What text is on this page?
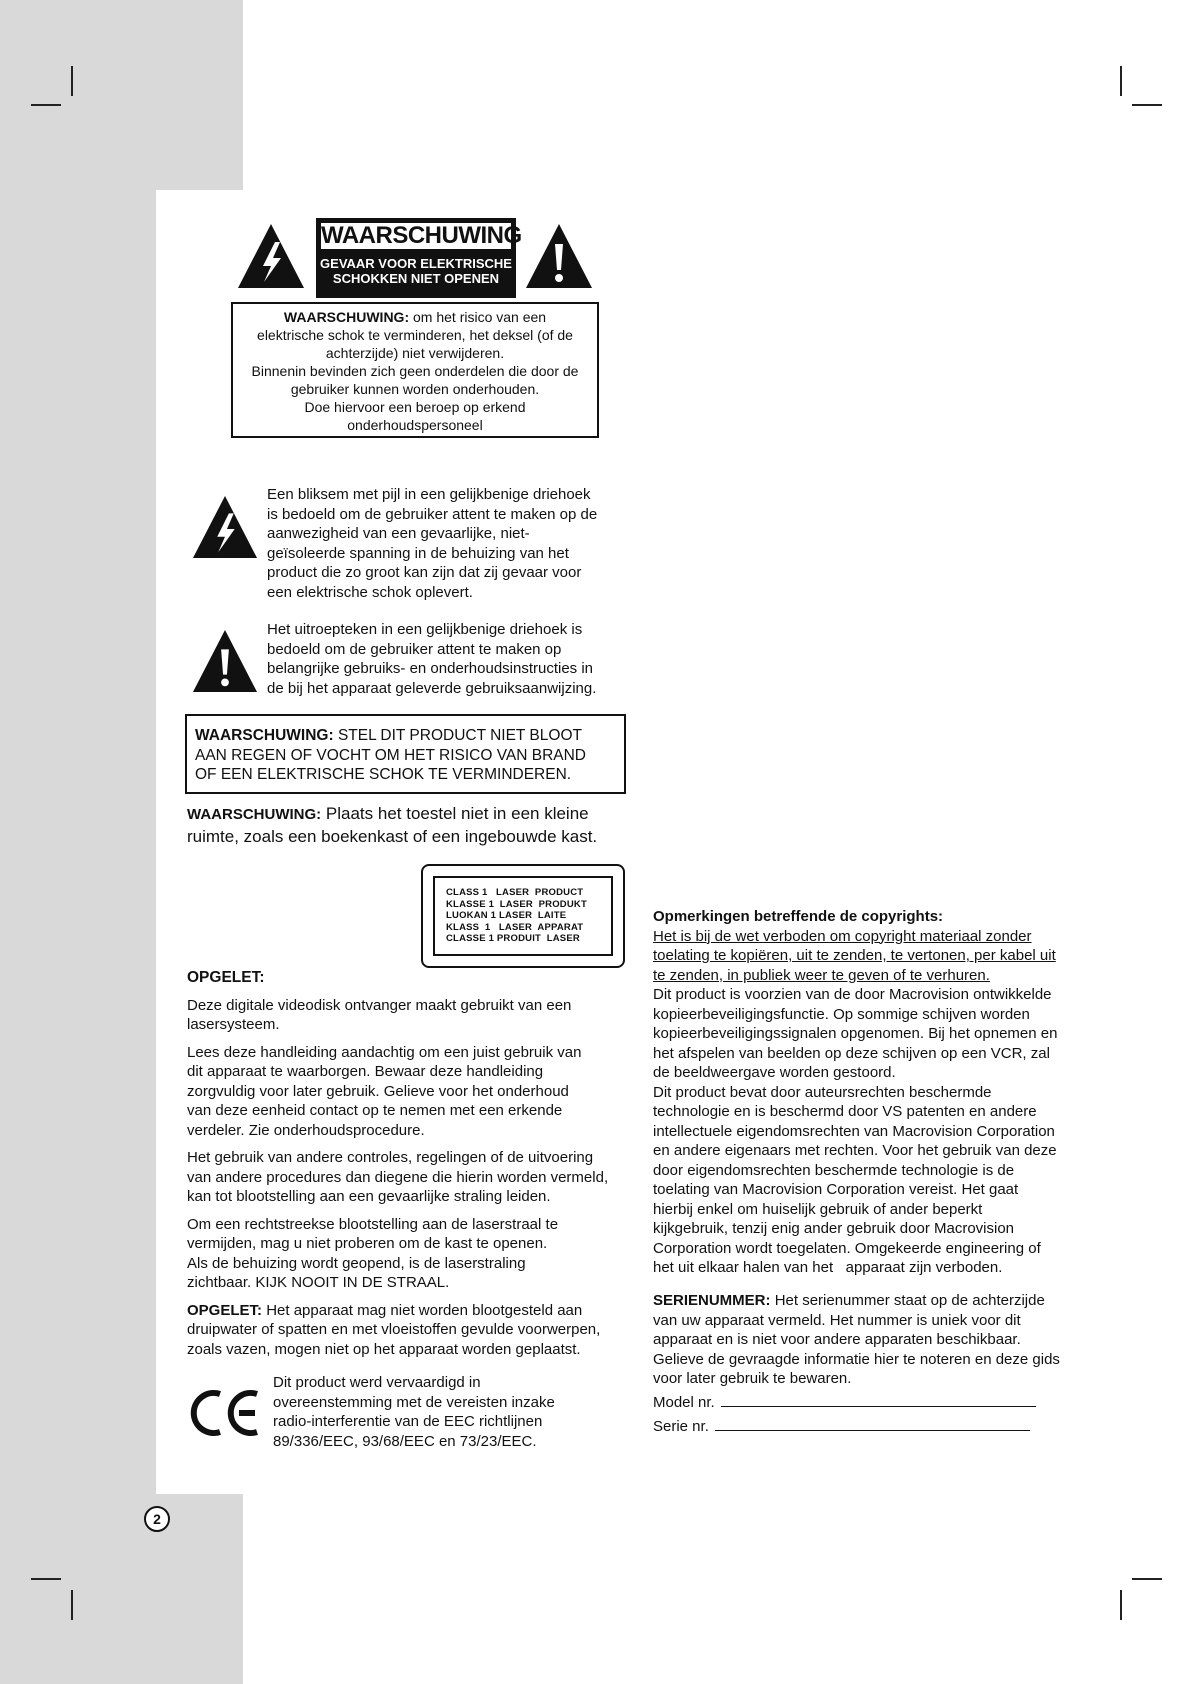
WAARSCHUWING
GEVAAR VOOR ELEKTRISCHE
SCHOKKEN NIET OPENEN
WAARSCHUWING: om het risico van een
elektrische schok te verminderen, het deksel (of de
achterzijde) niet verwijderen.
Binnenin bevinden zich geen onderdelen die door de
gebruiker kunnen worden onderhouden.
Doe hiervoor een beroep op erkend
onderhoudspersoneel
Een bliksem met pijl in een gelijkbenige driehoek
is bedoeld om de gebruiker attent te maken op de
aanwezigheid van een gevaarlijke, niet-
geïsoleerde spanning in de behuizing van het
product die zo groot kan zijn dat zij gevaar voor
een elektrische schok oplevert.
Het uitroepteken in een gelijkbenige driehoek is
bedoeld om de gebruiker attent te maken op
belangrijke gebruiks- en onderhoudsinstructies in
de bij het apparaat geleverde gebruiksaanwijzing.
WAARSCHUWING: STEL DIT PRODUCT NIET BLOOT
AAN REGEN OF VOCHT OM HET RISICO VAN BRAND
OF EEN ELEKTRISCHE SCHOK TE VERMINDEREN.
WAARSCHUWING: Plaats het toestel niet in een kleine
ruimte, zoals een boekenkast of een ingebouwde kast.
CLASS 1   LASER  PRODUCT
KLASSE 1  LASER  PRODUKT
LUOKAN 1 LASER  LAITE
KLASS  1   LASER  APPARAT
CLASSE 1 PRODUIT  LASER
OPGELET:
Deze digitale videodisk ontvanger maakt gebruikt van een
lasersysteem.
Lees deze handleiding aandachtig om een juist gebruik van
dit apparaat te waarborgen. Bewaar deze handleiding
zorgvuldig voor later gebruik. Gelieve voor het onderhoud
van deze eenheid contact op te nemen met een erkende
verdeler. Zie onderhoudsprocedure.
Het gebruik van andere controles, regelingen of de uitvoering
van andere procedures dan diegene die hierin worden vermeld,
kan tot blootstelling aan een gevaarlijke straling leiden.
Om een rechtstreekse blootstelling aan de laserstraal te
vermijden, mag u niet proberen om de kast te openen.
Als de behuizing wordt geopend, is de laserstraling
zichtbaar. KIJK NOOIT IN DE STRAAL.
OPGELET: Het apparaat mag niet worden blootgesteld aan
druipwater of spatten en met vloeistoffen gevulde voorwerpen,
zoals vazen, mogen niet op het apparaat worden geplaatst.
Dit product werd vervaardigd in
overeenstemming met de vereisten inzake
radio-interferentie van de EEC richtlijnen
89/336/EEC, 93/68/EEC en 73/23/EEC.
Opmerkingen betreffende de copyrights:
Het is bij de wet verboden om copyright materiaal zonder
toelating te kopiëren, uit te zenden, te vertonen, per kabel uit
te zenden, in publiek weer te geven of te verhuren.
Dit product is voorzien van de door Macrovision ontwikkelde
kopieerbeveiligingsfunctie. Op sommige schijven worden
kopieerbeveiligingssignalen opgenomen. Bij het opnemen en
het afspelen van beelden op deze schijven op een VCR, zal
de beeldweergave worden gestoord.
Dit product bevat door auteursrechten beschermde
technologie en is beschermd door VS patenten en andere
intellectuele eigendomsrechten van Macrovision Corporation
en andere eigenaars met rechten. Voor het gebruik van deze
door eigendomsrechten beschermde technologie is de
toelating van Macrovision Corporation vereist. Het gaat
hierbij enkel om huiselijk gebruik of ander beperkt
kijkgebruik, tenzij enig ander gebruik door Macrovision
Corporation wordt toegelaten. Omgekeerde engineering of
het uit elkaar halen van het   apparaat zijn verboden.
SERIENUMMER: Het serienummer staat op de achterzijde
van uw apparaat vermeld. Het nummer is uniek voor dit
apparaat en is niet voor andere apparaten beschikbaar.
Gelieve de gevraagde informatie hier te noteren en deze gids
voor later gebruik te bewaren.
Model nr.
Serie nr.
2
